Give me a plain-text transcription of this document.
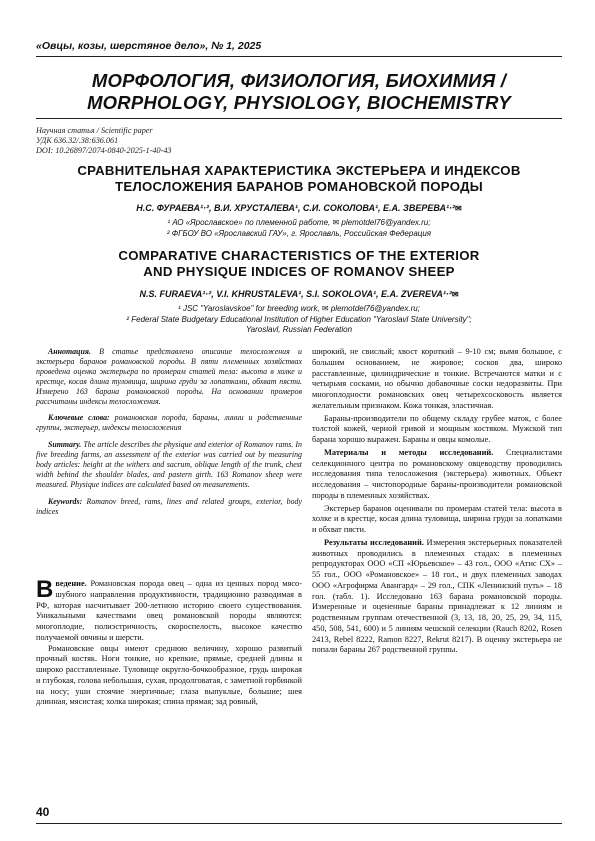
«Овцы, козы, шерстяное дело», № 1, 2025
МОРФОЛОГИЯ, ФИЗИОЛОГИЯ, БИОХИМИЯ /
MORPHOLOGY, PHYSIOLOGY, BIOCHEMISTRY
Научная статья / Scientific paper
УДК 636.32/.38:636.061
DOI: 10.26897/2074-0840-2025-1-40-43
СРАВНИТЕЛЬНАЯ ХАРАКТЕРИСТИКА ЭКСТЕРЬЕРА И ИНДЕКСОВ
ТЕЛОСЛОЖЕНИЯ БАРАНОВ РОМАНОВСКОЙ ПОРОДЫ
Н.С. ФУРАЕВА¹·², В.И. ХРУСТАЛЕВА¹, С.И. СОКОЛОВА¹, Е.А. ЗВЕРЕВА¹·²✉
¹ АО «Ярославское» по племенной работе, ✉ plemotdel76@yandex.ru;
² ФГБОУ ВО «Ярославский ГАУ», г. Ярославль, Российская Федерация
COMPARATIVE CHARACTERISTICS OF THE EXTERIOR
AND PHYSIQUE INDICES OF ROMANOV SHEEP
N.S. FURAEVA¹·², V.I. KHRUSTALEVA¹, S.I. SOKOLOVA¹, E.A. ZVEREVA¹·²✉
¹ JSC "Yaroslavskoe" for breeding work, ✉ plemotdel76@yandex.ru;
² Federal State Budgetary Educational Institution of Higher Education "Yaroslavl State University";
Yaroslavl, Russian Federation

Аннотация. В статье представлено описание телосложения и экстерьера баранов романовской породы. В пяти племенных хозяйствах проведена оценка экстерьера по промерам статей тела: высота в холке и крестце, косая длина туловища, ширина груди за лопатками, обхват пясти. Измерено 163 барана романовской породы. На основании промеров рассчитаны индексы телосложения.

Ключевые слова: романовская порода, бараны, линии и родственные группы, экстерьер, индексы телосложения

Summary. The article describes the physique and exterior of Romanov rams. In five breeding farms, an assessment of the exterior was carried out by measuring body articles: height at the withers and sacrum, oblique length of the trunk, chest width behind the shoulder blades, and pastern girth. 163 Romanov sheep were measured. Physique indices are calculated based on measurements.

Keywords: Romanov breed, rams, lines and related groups, exterior, body indices

Введение. Романовская порода овец – одна из ценных пород мясо-шубного направления продуктивности, традиционно разводимая в РФ, которая насчитывает 200-летнюю историю своего существования. Уникальными качествами овец романовской породы являются: многоплодие, полиэстричность, скороспелость, высокое качество получаемой овчины и шерсти.

Романовские овцы имеют среднюю величину, хорошо развитый прочный костяк. Ноги тонкие, но крепкие, прямые, средней длины и широко расставленные. Туловище округло-бочкообразное, грудь широкая и глубокая, голова небольшая, сухая, продолговатая, с заметной горбинкой на носу; уши стоячие энергичные; глаза выпуклые, большие; шея длинная, мясистая; холка широкая; спина прямая; зад ровный,

широкий, не свислый; хвост короткий – 9-10 см; вымя большое, с большим основанием, не жировое; сосков два, широко расставленные, цилиндрические и тонкие. Встречаются матки и с четырьмя сосками, но обычно добавочные соски недоразвиты. При многоплодности романовских овец четырехсосковость является желательным признаком. Кожа тонкая, эластичная.

Бараны-производители по общему складу грубее маток, с более толстой кожей, черной гривой и мощным костяком. Мужской тип барана хорошо выражен. Бараны и овцы комолые.

Материалы и методы исследований. Специалистами селекционного центра по романовскому овцеводству проводились исследования типа телосложения (экстерьера) животных. Объект исследования – чистопородные бараны-производители романовской породы в племенных хозяйствах.

Экстерьер баранов оценивали по промерам статей тела: высота в холке и в крестце, косая длина туловища, ширина груди за лопатками и обхват пясти.

Результаты исследований. Измерения экстерьерных показателей животных проводились в племенных стадах: в племенных репродукторах ООО «СП «Юрьевское» – 43 гол., ООО «Атис СХ» – 55 гол., ООО «Романовское» – 18 гол., и двух племенных заводах ООО «Агрофирма Авангард» – 29 гол., СПК «Ленинский путь» – 18 гол. (табл. 1). Исследовано 163 барана романовской породы. Измеренные и оцененные бараны принадлежат к 12 линиям и родственным группам отечественной (3, 13, 18, 20, 25, 29, 34, 115, 450, 508, 541, 600) и 5 линиям чешской селекции (Rauch 8202, Rosen 2413, Rebel 8222, Ramon 8227, Rekrut 8217). В оценку экстерьера не попали бараны 267 родственной группы.

40
